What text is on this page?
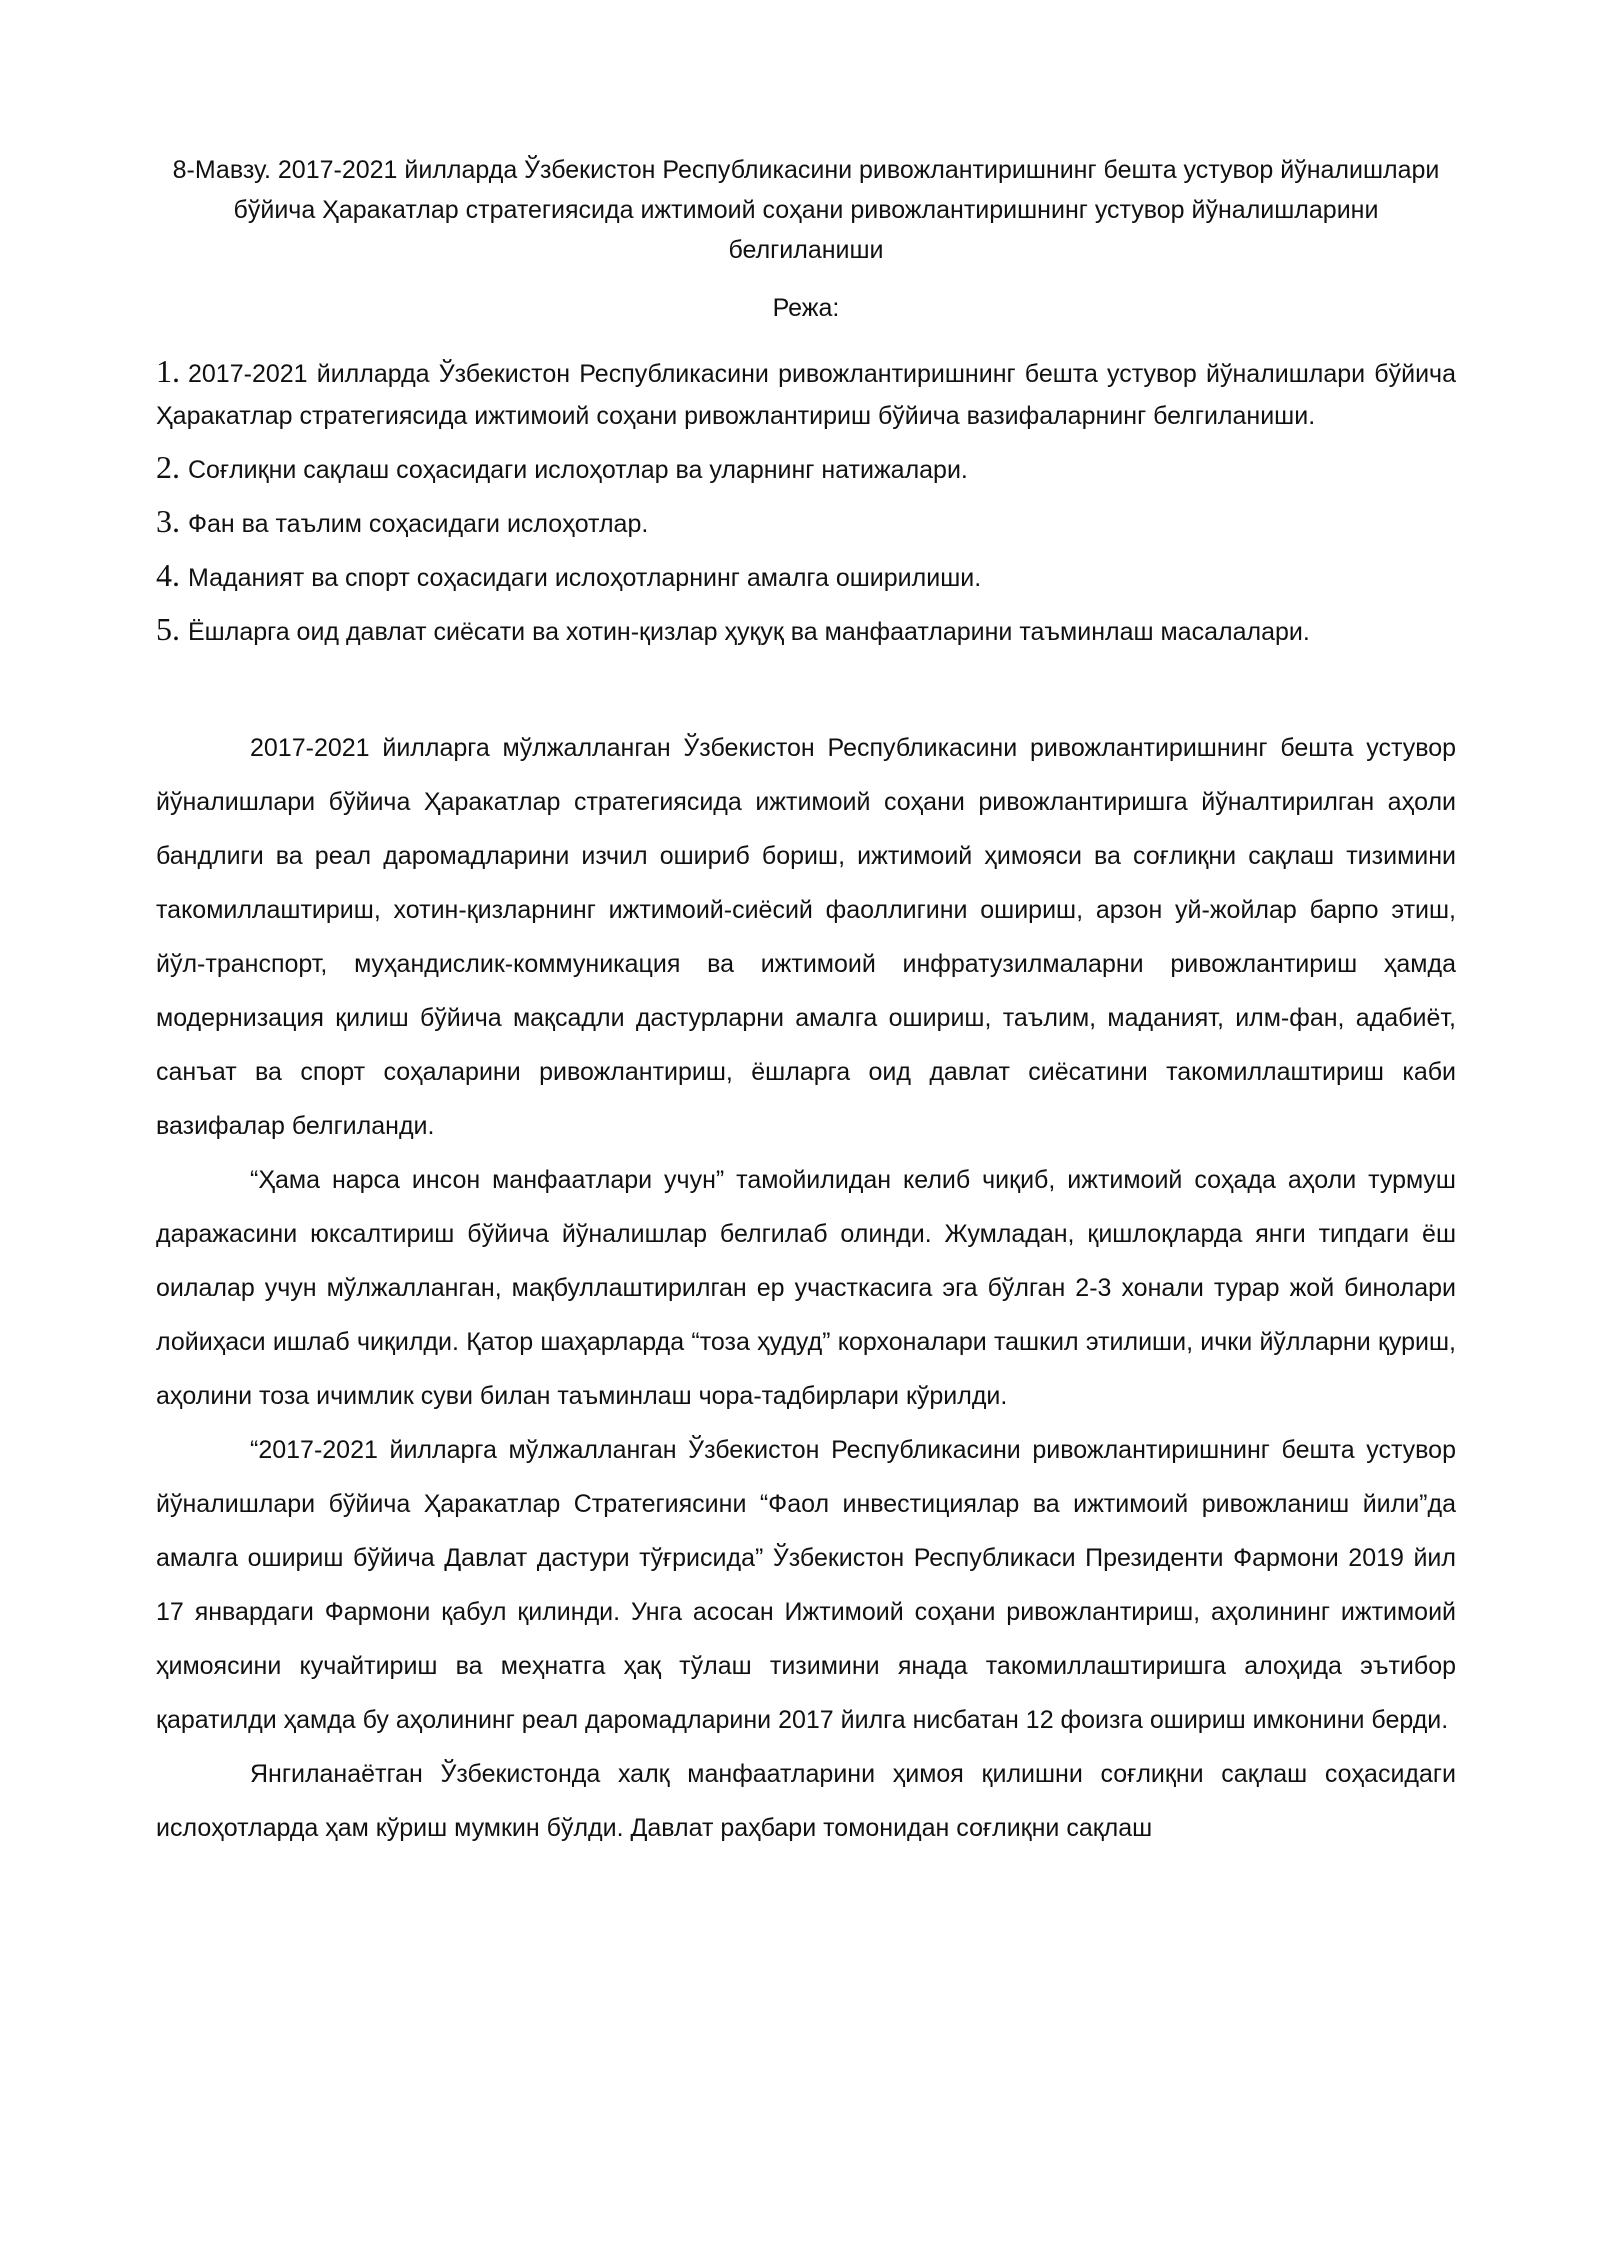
8-Мавзу. 2017-2021 йилларда Ўзбекистон Республикасини ривожлантиришнинг бешта устувор йўналишлари бўйича Ҳаракатлар стратегиясида ижтимоий соҳани ривожлантиришнинг устувор йўналишларини белгиланиши

Режа:

1. 2017-2021 йилларда Ўзбекистон Республикасини ривожлантиришнинг бешта устувор йўналишлари бўйича Ҳаракатлар стратегиясида ижтимоий соҳани ривожлантириш бўйича вазифаларнинг белгиланиши.
2. Соғлиқни сақлаш соҳасидаги ислоҳотлар ва уларнинг натижалари.
3. Фан ва таълим соҳасидаги ислоҳотлар.
4. Маданият ва спорт соҳасидаги ислоҳотларнинг амалга оширилиши.
5. Ёшларга оид давлат сиёсати ва хотин-қизлар ҳуқуқ ва манфаатларини таъминлаш масалалари.

2017-2021 йилларга мўлжалланган Ўзбекистон Республикасини ривожлантиришнинг бешта устувор йўналишлари бўйича Ҳаракатлар стратегиясида ижтимоий соҳани ривожлантиришга йўналтирилган аҳоли бандлиги ва реал даромадларини изчил ошириб бориш, ижтимоий ҳимояси ва соғлиқни сақлаш тизимини такомиллаштириш, хотин-қизларнинг ижтимоий-сиёсий фаоллигини ошириш, арзон уй-жойлар барпо этиш, йўл-транспорт, муҳандислик-коммуникация ва ижтимоий инфратузилмаларни ривожлантириш ҳамда модернизация қилиш бўйича мақсадли дастурларни амалга ошириш, таълим, маданият, илм-фан, адабиёт, санъат ва спорт соҳаларини ривожлантириш, ёшларга оид давлат сиёсатини такомиллаштириш каби вазифалар белгиланди.

“Ҳама нарса инсон манфаатлари учун” тамойилидан келиб чиқиб, ижтимоий соҳада аҳоли турмуш даражасини юксалтириш бўйича йўналишлар белгилаб олинди. Жумладан, қишлоқларда янги типдаги ёш оилалар учун мўлжалланган, мақбуллаштирилган ер участкасига эга бўлган 2-3 хонали турар жой бинолари лойиҳаси ишлаб чиқилди. Қатор шаҳарларда “тоза ҳудуд” корхоналари ташкил этилиши, ички йўлларни қуриш, аҳолини тоза ичимлик суви билан таъминлаш чора-тадбирлари кўрилди.

“2017-2021 йилларга мўлжалланган Ўзбекистон Республикасини ривожлантиришнинг бешта устувор йўналишлари бўйича Ҳаракатлар Стратегиясини “Фаол инвестициялар ва ижтимоий ривожланиш йили”да амалга ошириш бўйича Давлат дастури тўғрисида” Ўзбекистон Республикаси Президенти Фармони 2019 йил 17 январдаги Фармони қабул қилинди. Унга асосан Ижтимоий соҳани ривожлантириш, аҳолининг ижтимоий ҳимоясини кучайтириш ва меҳнатга ҳақ тўлаш тизимини янада такомиллаштиришга алоҳида эътибор қаратилди ҳамда бу аҳолининг реал даромадларини 2017 йилга нисбатан 12 фоизга ошириш имконини берди.

Янгиланаётган Ўзбекистонда халқ манфаатларини ҳимоя қилишни соғлиқни сақлаш соҳасидаги ислоҳотларда ҳам кўриш мумкин бўлди. Давлат раҳбари томонидан соғлиқни сақлаш
